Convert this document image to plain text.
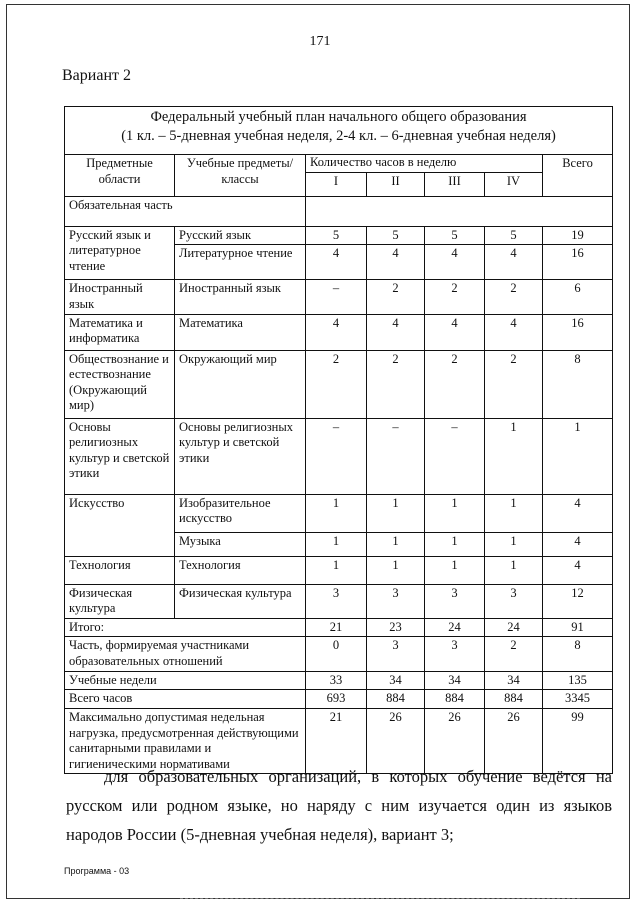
171
Вариант 2
Федеральный учебный план начального общего образования
(1 кл. – 5-дневная учебная неделя, 2-4 кл. – 6-дневная учебная неделя)						

Предметные области	Учебные предметы/ классы	Количество часов в неделю				Всего
		I	II	III	IV	
Обязательная часть						
Русский язык и литературное чтение	Русский язык	5	5	5	5	19
	Литературное чтение	4	4	4	4	16
Иностранный язык	Иностранный язык	–	2	2	2	6
Математика и информатика	Математика	4	4	4	4	16
Обществознание и естествознание (Окружающий мир)	Окружающий мир	2	2	2	2	8
Основы религиозных культур и светской этики	Основы религиозных культур и светской этики	–	–	–	1	1
Искусство	Изобразительное искусство	1	1	1	1	4
	Музыка	1	1	1	1	4
Технология	Технология	1	1	1	1	4
Физическая культура	Физическая культура	3	3	3	3	12
Итого:		21	23	24	24	91
Часть, формируемая участниками образовательных отношений		0	3	3	2	8
Учебные недели		33	34	34	34	135
Всего часов		693	884	884	884	3345
Максимально допустимая недельная нагрузка, предусмотренная действующими санитарными правилами и гигиеническими нормативами		21	26	26	26	99
для образовательных организаций, в которых обучение ведётся на русском или родном языке, но наряду с ним изучается один из языков народов России (5-дневная учебная неделя), вариант 3;
Программа - 03
